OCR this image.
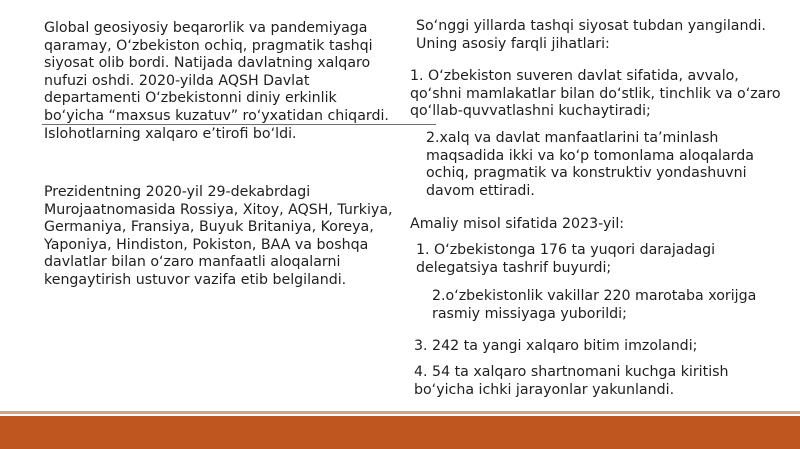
Global geosiyosiy beqarorlik va pandemiyaga qaramay, O‘zbekiston ochiq, pragmatik tashqi siyosat olib bordi. Natijada davlatning xalqaro nufuzi oshdi. 2020-yilda AQSH Davlat departamenti O‘zbekistonni diniy erkinlik bo‘yicha “maxsus kuzatuv” ro‘yxatidan chiqardi.
Islohotlarning xalqaro e’tirofi bo‘ldi.
Prezidentning 2020-yil 29-dekabrdagi Murojaatnomasida Rossiya, Xitoy, AQSH, Turkiya, Germaniya, Fransiya, Buyuk Britaniya, Koreya, Yaponiya, Hindiston, Pokiston, BAA va boshqa davlatlar bilan o‘zaro manfaatli aloqalarni kengaytirish ustuvor vazifa etib belgilandi.
So‘nggi yillarda tashqi siyosat tubdan yangilandi. Uning asosiy farqli jihatlari:
1. O‘zbekiston suveren davlat sifatida, avvalo, qo‘shni mamlakatlar bilan do‘stlik, tinchlik va o‘zaro qo‘llab-quvvatlashni kuchaytiradi;
2.xalq va davlat manfaatlarini ta’minlash maqsadida ikki va ko‘p tomonlama aloqalarda ochiq, pragmatik va konstruktiv yondashuvni davom ettiradi.
Amaliy misol sifatida 2023-yil:
1. O‘zbekistonga 176 ta yuqori darajadagi delegatsiya tashrif buyurdi;
2.o‘zbekistonlik vakillar 220 marotaba xorijga rasmiy missiyaga yuborildi;
3. 242 ta yangi xalqaro bitim imzolandi;
4. 54 ta xalqaro shartnomani kuchga kiritish bo‘yicha ichki jarayonlar yakunlandi.
